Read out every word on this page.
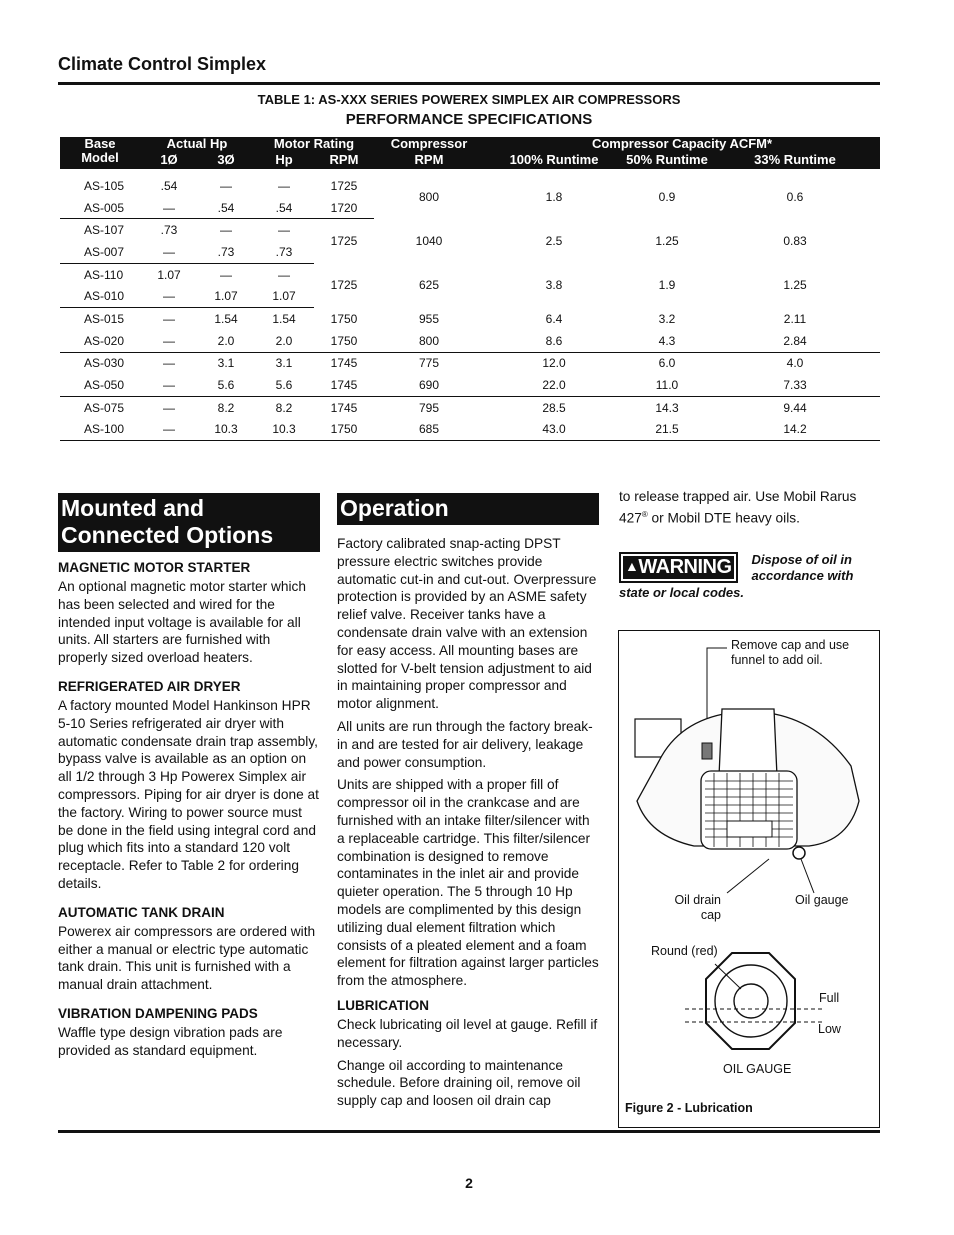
Climate Control Simplex
TABLE 1: AS-XXX SERIES POWEREX SIMPLEX AIR COMPRESSORS
PERFORMANCE SPECIFICATIONS
Base	Actual Hp		Motor Rating		Compressor	Compressor Capacity ACFM*		
Model	1Ø	3Ø	Hp	RPM	RPM	100% Runtime	50% Runtime	33% Runtime

AS-105	.54	—	—	1725	800	1.8	0.9	0.6
AS-005	—	.54	.54	1720				
AS-107	.73	—	—	1725	1040	2.5	1.25	0.83
AS-007	—	.73	.73					
AS-110	1.07	—	—	1725	625	3.8	1.9	1.25
AS-010	—	1.07	1.07					
AS-015	—	1.54	1.54	1750	955	6.4	3.2	2.11
AS-020	—	2.0	2.0	1750	800	8.6	4.3	2.84
AS-030	—	3.1	3.1	1745	775	12.0	6.0	4.0
AS-050	—	5.6	5.6	1745	690	22.0	11.0	7.33
AS-075	—	8.2	8.2	1745	795	28.5	14.3	9.44
AS-100	—	10.3	10.3	1750	685	43.0	21.5	14.2
Mounted and
Connected Options
MAGNETIC MOTOR STARTER

An optional magnetic motor starter which has been selected and wired for the intended input voltage is available for all units. All starters are furnished with properly sized overload heaters.

REFRIGERATED AIR DRYER

A factory mounted Model Hankinson HPR 5-10 Series refrigerated air dryer with automatic condensate drain trap assembly, bypass valve is available as an option on all 1/2 through 3 Hp Powerex Simplex air compressors. Piping for air dryer is done at the factory. Wiring to power source must be done in the field using integral cord and plug which fits into a standard 120 volt receptacle. Refer to Table 2 for ordering details.

AUTOMATIC TANK DRAIN

Powerex air compressors are ordered with either a manual or electric type automatic tank drain. This unit is furnished with a manual drain attachment.

VIBRATION DAMPENING PADS

Waffle type design vibration pads are provided as standard equipment.

Operation

Factory calibrated snap-acting DPST pressure electric switches provide automatic cut-in and cut-out. Overpressure protection is provided by an ASME safety relief valve. Receiver tanks have a condensate drain valve with an extension for easy access. All mounting bases are slotted for V-belt tension adjustment to aid in maintaining proper compressor and motor alignment.

All units are run through the factory break-in and are tested for air delivery, leakage and power consumption.

Units are shipped with a proper fill of compressor oil in the crankcase and are furnished with an intake filter/silencer with a replaceable cartridge. This filter/silencer combination is designed to remove contaminates in the inlet air and provide quieter operation. The 5 through 10 Hp models are complimented by this design utilizing dual element filtration which consists of a pleated element and a foam element for filtration against larger particles from the atmosphere.

LUBRICATION

Check lubricating oil level at gauge. Refill if necessary.

Change oil according to maintenance schedule. Before draining oil, remove oil supply cap and loosen oil drain cap

to release trapped air. Use Mobil Rarus 427® or Mobil DTE heavy oils.

▲WARNING	Dispose of oil in accordance with
state or local codes.
Remove cap and use funnel to add oil.
Oil drain
cap
Oil gauge
Round (red)
Full
Low
OIL GAUGE
Figure 2 - Lubrication
2
